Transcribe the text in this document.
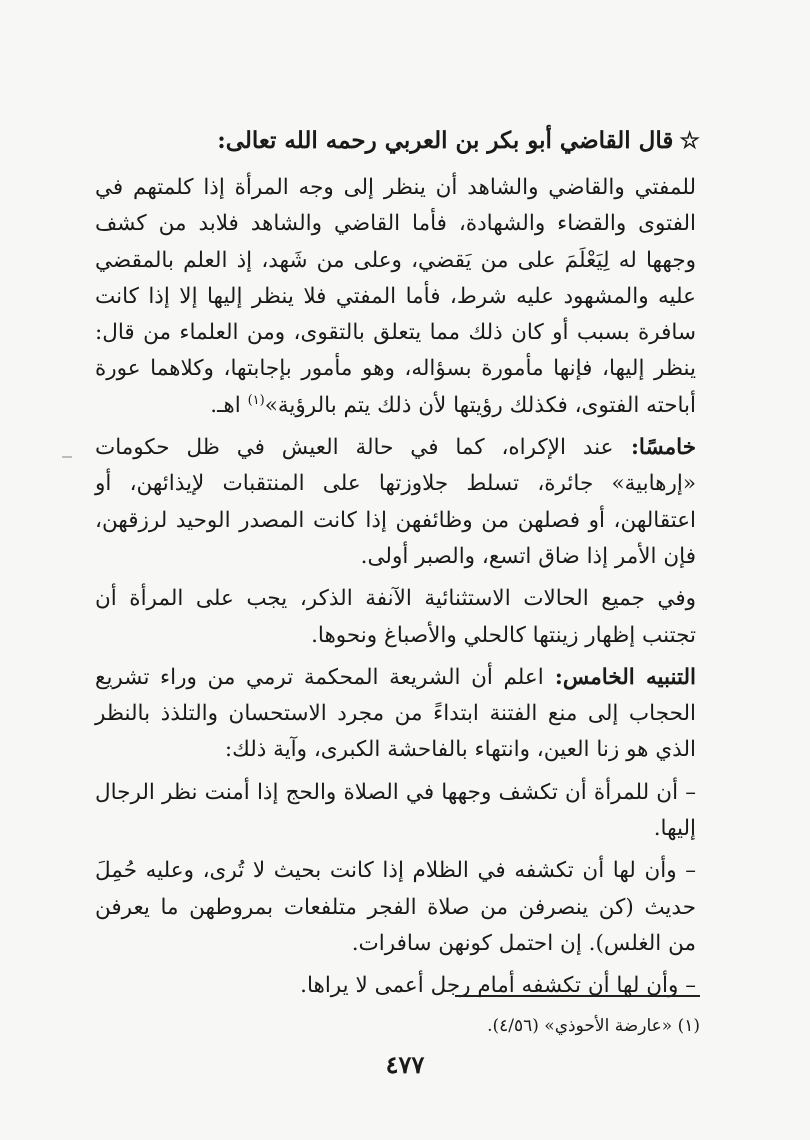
☆قال القاضي أبو بكر بن العربي رحمه الله تعالى:

للمفتي والقاضي والشاهد أن ينظر إلى وجه المرأة إذا كلمتهم في الفتوى والقضاء والشهادة، فأما القاضي والشاهد فلابد من كشف وجهها له لِيَعْلَمَ على من يَقضي، وعلى من شَهد، إذ العلم بالمقضي عليه والمشهود عليه شرط، فأما المفتي فلا ينظر إليها إلا إذا كانت سافرة بسبب أو كان ذلك مما يتعلق بالتقوى، ومن العلماء من قال: ينظر إليها، فإنها مأمورة بسؤاله، وهو مأمور بإجابتها، وكلاهما عورة أباحته الفتوى، فكذلك رؤيتها لأن ذلك يتم بالرؤية»$^{(١)}$ اهـ.

خامسًا: عند الإكراه، كما في حالة العيش في ظل حكومات «إرهابية» جائرة، تسلط جلاوزتها على المنتقبات لإيذائهن، أو اعتقالهن، أو فصلهن من وظائفهن إذا كانت المصدر الوحيد لرزقهن، فإن الأمر إذا ضاق اتسع، والصبر أولى.

وفي جميع الحالات الاستثنائية الآنفة الذكر، يجب على المرأة أن تجتنب إظهار زينتها كالحلي والأصباغ ونحوها.

التنبيه الخامس: اعلم أن الشريعة المحكمة ترمي من وراء تشريع الحجاب إلى منع الفتنة ابتداءً من مجرد الاستحسان والتلذذ بالنظر الذي هو زنا العين، وانتهاء بالفاحشة الكبرى، وآية ذلك:

– أن للمرأة أن تكشف وجهها في الصلاة والحج إذا أمنت نظر الرجال إليها.

– وأن لها أن تكشفه في الظلام إذا كانت بحيث لا تُرى، وعليه حُمِلَ حديث (كن ينصرفن من صلاة الفجر متلفعات بمروطهن ما يعرفن من الغلس). إن احتمل كونهن سافرات.

– وأن لها أن تكشفه أمام رجل أعمى لا يراها.

(١) «عارضة الأحوذي» (٤/٥٦).
٤٧٧
